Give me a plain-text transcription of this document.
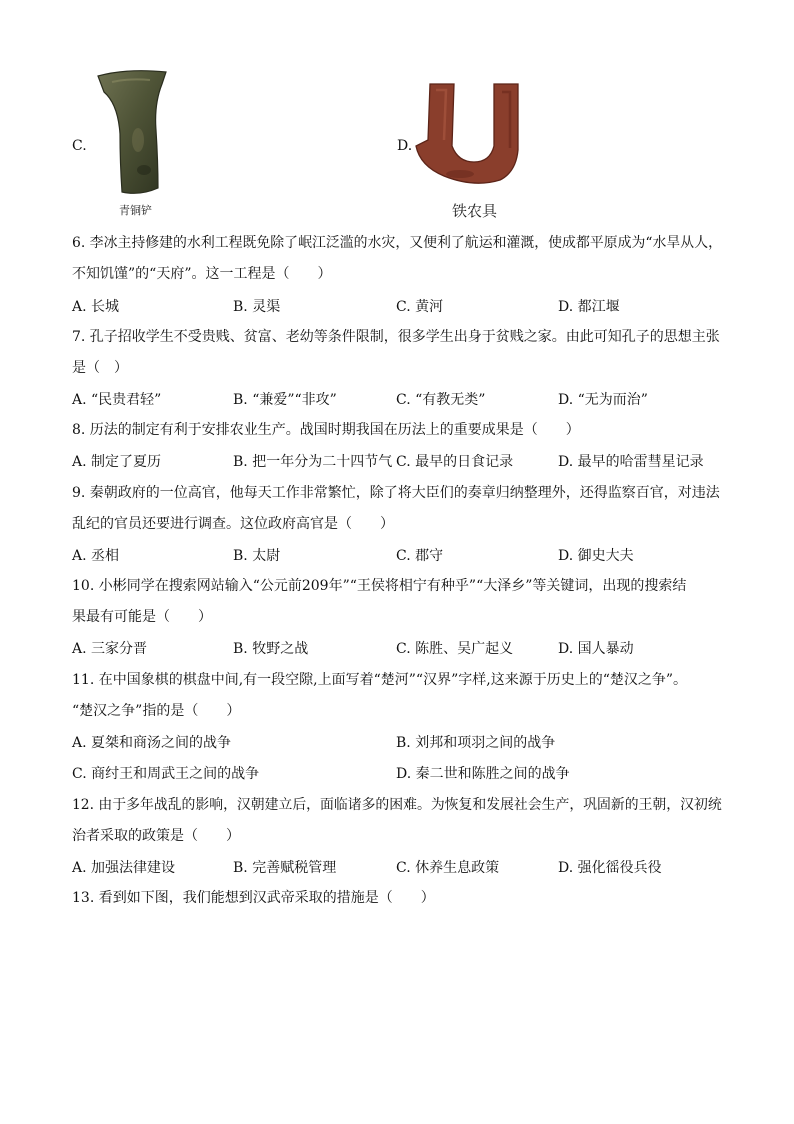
C.
青铜铲
D.
铁农具
6. 李冰主持修建的水利工程既免除了岷江泛滥的水灾，又便利了航运和灌溉，使成都平原成为“水旱从人，
不知饥馑”的“天府”。这一工程是（　　）
A. 长城	B. 灵渠	C. 黄河	D. 都江堰
7. 孔子招收学生不受贵贱、贫富、老幼等条件限制，很多学生出身于贫贱之家。由此可知孔子的思想主张
是（　）
A. “民贵君轻”	B. “兼爱”“非攻”	C. “有教无类”	D. “无为而治”
8. 历法的制定有利于安排农业生产。战国时期我国在历法上的重要成果是（　　）
A. 制定了夏历	B. 把一年分为二十四节气 C. 最早的日食记录	D. 最早的哈雷彗星记录
9. 秦朝政府的一位高官，他每天工作非常繁忙，除了将大臣们的奏章归纳整理外，还得监察百官，对违法
乱纪的官员还要进行调查。这位政府高官是（　　）
A. 丞相	B. 太尉	C. 郡守	D. 御史大夫
10. 小彬同学在搜索网站输入“公元前209年”“王侯将相宁有种乎”“大泽乡”等关键词，出现的搜索结
果最有可能是（　　）
A. 三家分晋	B. 牧野之战	C. 陈胜、吴广起义	D. 国人暴动
11. 在中国象棋的棋盘中间,有一段空隙,上面写着“楚河”“汉界”字样,这来源于历史上的“楚汉之争”。
“楚汉之争”指的是（　　）
A. 夏桀和商汤之间的战争	B. 刘邦和项羽之间的战争
C. 商纣王和周武王之间的战争	D. 秦二世和陈胜之间的战争
12. 由于多年战乱的影响，汉朝建立后，面临诸多的困难。为恢复和发展社会生产，巩固新的王朝，汉初统
治者采取的政策是（　　）
A. 加强法律建设	B. 完善赋税管理	C. 休养生息政策	D. 强化徭役兵役
13. 看到如下图，我们能想到汉武帝采取的措施是（　　）
